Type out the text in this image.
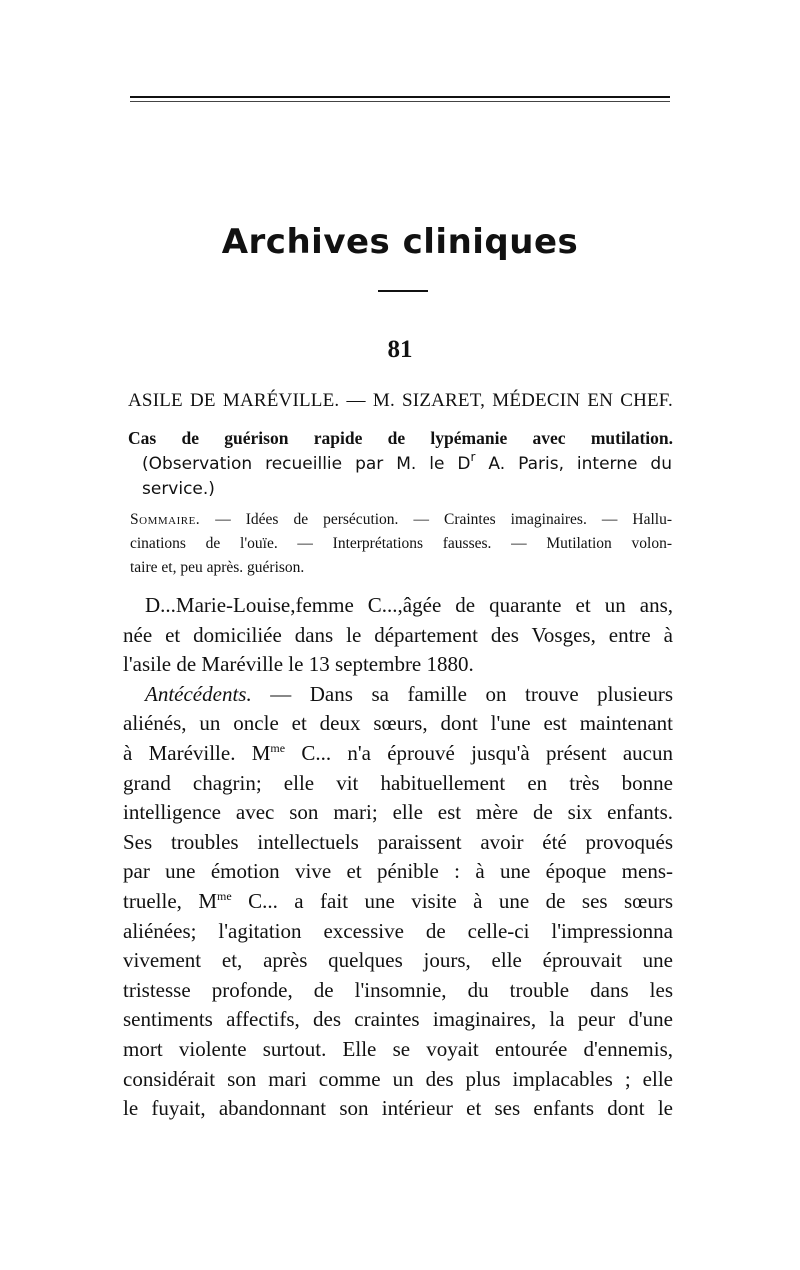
Archives cliniques
81
ASILE DE MARÉVILLE. — M. SIZARET, MÉDECIN EN CHEF.
Cas de guérison rapide de lypémanie avec mutilation.
(Observation recueillie par M. le $D^r$ A. Paris, interne du
service.)
Sommaire. — Idées de persécution. — Craintes imaginaires. — Hallu-
cinations de l'ouïe. — Interprétations fausses. — Mutilation volon-
taire et, peu après. guérison.
D...Marie-Louise,femme C...,âgée de quarante et un ans,
née et domiciliée dans le département des Vosges, entre à
l'asile de Maréville le 13 septembre 1880.
Antécédents. — Dans sa famille on trouve plusieurs
aliénés, un oncle et deux sœurs, dont l'une est maintenant
à Maréville. $M^{me}$ C... n'a éprouvé jusqu'à présent aucun
grand chagrin; elle vit habituellement en très bonne
intelligence avec son mari; elle est mère de six enfants.
Ses troubles intellectuels paraissent avoir été provoqués
par une émotion vive et pénible : à une époque mens-
truelle, $M^{me}$ C... a fait une visite à une de ses sœurs
aliénées; l'agitation excessive de celle-ci l'impressionna
vivement et, après quelques jours, elle éprouvait une
tristesse profonde, de l'insomnie, du trouble dans les
sentiments affectifs, des craintes imaginaires, la peur d'une
mort violente surtout. Elle se voyait entourée d'ennemis,
considérait son mari comme un des plus implacables ; elle
le fuyait, abandonnant son intérieur et ses enfants dont le
